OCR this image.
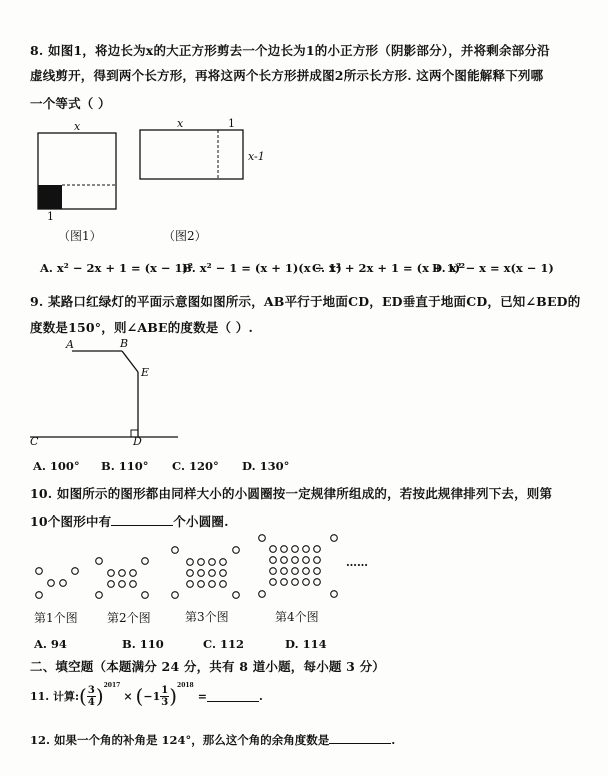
8. 如图1，将边长为x的大正方形剪去一个边长为1的小正方形（阴影部分），并将剩余部分沿
虚线剪开，得到两个长方形，再将这两个长方形拼成图2所示长方形. 这两个图能解释下列哪
一个等式（ ）
x
1
x	1
x-1
（图1）	（图2）
A. x² − 2x + 1 = (x − 1)²
B. x² − 1 = (x + 1)(x − 1)
C. x² + 2x + 1 = (x + 1)²
D. x² − x = x(x − 1)
9. 某路口红绿灯的平面示意图如图所示，AB平行于地面CD，ED垂直于地面CD，已知∠BED的
度数是150°，则∠ABE的度数是（ ）.
A	B
E
C	D
A. 100° B. 110° C. 120° D. 130°
10. 如图所示的图形都由同样大小的小圆圈按一定规律所组成的，若按此规律排列下去，则第
10个图形中有	个小圆圈.
……
第1个图 第2个图	第3个图	第4个图
A. 94	B. 110	C. 112	D. 114
二、填空题（本题满分 24 分，共有 8 道小题，每小题 3 分）
11. 计算: ( $\frac{3}{4} )^{2017}$
× ( $-1 \frac{1}{3} )^{2018}$
=	.
12. 如果一个角的补角是 124°，那么这个角的余角度数是	.
